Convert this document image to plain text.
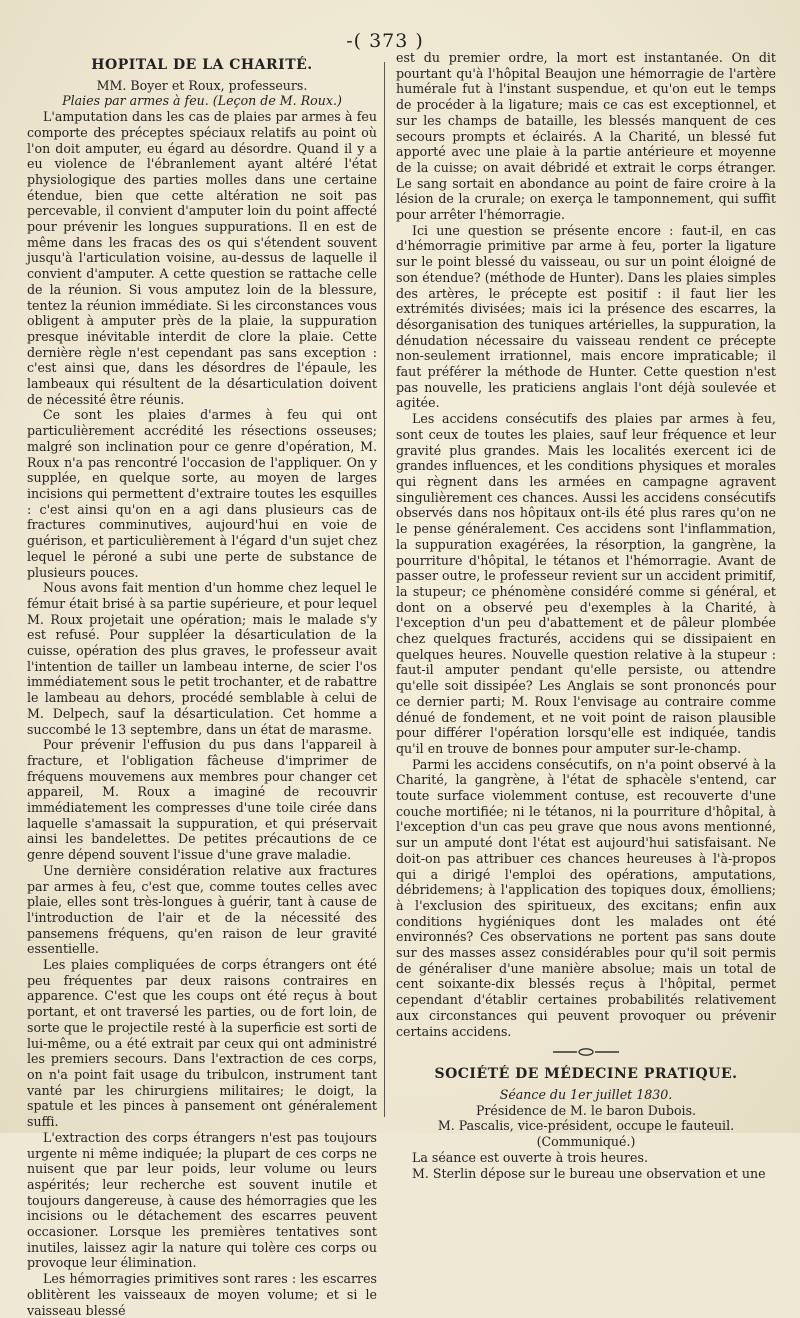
-( 373 )
HOPITAL DE LA CHARITÉ.
MM. Boyer et Roux, professeurs.
Plaies par armes à feu. (Leçon de M. Roux.)

L'amputation dans les cas de plaies par armes à feu comporte des préceptes spéciaux relatifs au point où l'on doit amputer, eu égard au désordre. Quand il y a eu violence de l'ébranlement ayant altéré l'état physiologique des parties molles dans une certaine étendue, bien que cette altération ne soit pas percevable, il convient d'amputer loin du point affecté pour prévenir les longues suppurations. Il en est de même dans les fracas des os qui s'étendent souvent jusqu'à l'articulation voisine, au-dessus de laquelle il convient d'amputer. A cette question se rattache celle de la réunion. Si vous amputez loin de la blessure, tentez la réunion immédiate. Si les circonstances vous obligent à amputer près de la plaie, la suppuration presque inévitable interdit de clore la plaie. Cette dernière règle n'est cependant pas sans exception : c'est ainsi que, dans les désordres de l'épaule, les lambeaux qui résultent de la désarticulation doivent de nécessité être réunis.

Ce sont les plaies d'armes à feu qui ont particulièrement accrédité les résections osseuses; malgré son inclination pour ce genre d'opération, M. Roux n'a pas rencontré l'occasion de l'appliquer. On y supplée, en quelque sorte, au moyen de larges incisions qui permettent d'extraire toutes les esquilles : c'est ainsi qu'on en a agi dans plusieurs cas de fractures comminutives, aujourd'hui en voie de guérison, et particulièrement à l'égard d'un sujet chez lequel le péroné a subi une perte de substance de plusieurs pouces.

Nous avons fait mention d'un homme chez lequel le fémur était brisé à sa partie supérieure, et pour lequel M. Roux projetait une opération; mais le malade s'y est refusé. Pour suppléer la désarticulation de la cuisse, opération des plus graves, le professeur avait l'intention de tailler un lambeau interne, de scier l'os immédiatement sous le petit trochanter, et de rabattre le lambeau au dehors, procédé semblable à celui de M. Delpech, sauf la désarticulation. Cet homme a succombé le 13 septembre, dans un état de marasme.

Pour prévenir l'effusion du pus dans l'appareil à fracture, et l'obligation fâcheuse d'imprimer de fréquens mouvemens aux membres pour changer cet appareil, M. Roux a imaginé de recouvrir immédiatement les compresses d'une toile cirée dans laquelle s'amassait la suppuration, et qui préservait ainsi les bandelettes. De petites précautions de ce genre dépend souvent l'issue d'une grave maladie.

Une dernière considération relative aux fractures par armes à feu, c'est que, comme toutes celles avec plaie, elles sont très-longues à guérir, tant à cause de l'introduction de l'air et de la nécessité des pansemens fréquens, qu'en raison de leur gravité essentielle.

Les plaies compliquées de corps étrangers ont été peu fréquentes par deux raisons contraires en apparence. C'est que les coups ont été reçus à bout portant, et ont traversé les parties, ou de fort loin, de sorte que le projectile resté à la superficie est sorti de lui-même, ou a été extrait par ceux qui ont administré les premiers secours. Dans l'extraction de ces corps, on n'a point fait usage du tribulcon, instrument tant vanté par les chirurgiens militaires; le doigt, la spatule et les pinces à pansement ont généralement suffi.

L'extraction des corps étrangers n'est pas toujours urgente ni même indiquée; la plupart de ces corps ne nuisent que par leur poids, leur volume ou leurs aspérités; leur recherche est souvent inutile et toujours dangereuse, à cause des hémorragies que les incisions ou le détachement des escarres peuvent occasioner. Lorsque les premières tentatives sont inutiles, laissez agir la nature qui tolère ces corps ou provoque leur élimination.

Les hémorragies primitives sont rares : les escarres oblitèrent les vaisseaux de moyen volume; et si le vaisseau blessé

est du premier ordre, la mort est instantanée. On dit pourtant qu'à l'hôpital Beaujon une hémorragie de l'artère humérale fut à l'instant suspendue, et qu'on eut le temps de procéder à la ligature; mais ce cas est exceptionnel, et sur les champs de bataille, les blessés manquent de ces secours prompts et éclairés. A la Charité, un blessé fut apporté avec une plaie à la partie antérieure et moyenne de la cuisse; on avait débridé et extrait le corps étranger. Le sang sortait en abondance au point de faire croire à la lésion de la crurale; on exerça le tamponnement, qui suffit pour arrêter l'hémorragie.

Ici une question se présente encore : faut-il, en cas d'hémorragie primitive par arme à feu, porter la ligature sur le point blessé du vaisseau, ou sur un point éloigné de son étendue? (méthode de Hunter). Dans les plaies simples des artères, le précepte est positif : il faut lier les extrémités divisées; mais ici la présence des escarres, la désorganisation des tuniques artérielles, la suppuration, la dénudation nécessaire du vaisseau rendent ce précepte non-seulement irrationnel, mais encore impraticable; il faut préférer la méthode de Hunter. Cette question n'est pas nouvelle, les praticiens anglais l'ont déjà soulevée et agitée.

Les accidens consécutifs des plaies par armes à feu, sont ceux de toutes les plaies, sauf leur fréquence et leur gravité plus grandes. Mais les localités exercent ici de grandes influences, et les conditions physiques et morales qui règnent dans les armées en campagne agravent singulièrement ces chances. Aussi les accidens consécutifs observés dans nos hôpitaux ont-ils été plus rares qu'on ne le pense généralement. Ces accidens sont l'inflammation, la suppuration exagérées, la résorption, la gangrène, la pourriture d'hôpital, le tétanos et l'hémorragie. Avant de passer outre, le professeur revient sur un accident primitif, la stupeur; ce phénomène considéré comme si général, et dont on a observé peu d'exemples à la Charité, à l'exception d'un peu d'abattement et de pâleur plombée chez quelques fracturés, accidens qui se dissipaient en quelques heures. Nouvelle question relative à la stupeur : faut-il amputer pendant qu'elle persiste, ou attendre qu'elle soit dissipée? Les Anglais se sont prononcés pour ce dernier parti; M. Roux l'envisage au contraire comme dénué de fondement, et ne voit point de raison plausible pour différer l'opération lorsqu'elle est indiquée, tandis qu'il en trouve de bonnes pour amputer sur-le-champ.

Parmi les accidens consécutifs, on n'a point observé à la Charité, la gangrène, à l'état de sphacèle s'entend, car toute surface violemment contuse, est recouverte d'une couche mortifiée; ni le tétanos, ni la pourriture d'hôpital, à l'exception d'un cas peu grave que nous avons mentionné, sur un amputé dont l'état est aujourd'hui satisfaisant. Ne doit-on pas attribuer ces chances heureuses à l'à-propos qui a dirigé l'emploi des opérations, amputations, débridemens; à l'application des topiques doux, émolliens; à l'exclusion des spiritueux, des excitans; enfin aux conditions hygiéniques dont les malades ont été environnés? Ces observations ne portent pas sans doute sur des masses assez considérables pour qu'il soit permis de généraliser d'une manière absolue; mais un total de cent soixante-dix blessés reçus à l'hôpital, permet cependant d'établir certaines probabilités relativement aux circonstances qui peuvent provoquer ou prévenir certains accidens.

SOCIÉTÉ DE MÉDECINE PRATIQUE.
Séance du 1er juillet 1830.
Présidence de M. le baron Dubois.
M. Pascalis, vice-président, occupe le fauteuil.
(Communiqué.)

La séance est ouverte à trois heures.

M. Sterlin dépose sur le bureau une observation et une
